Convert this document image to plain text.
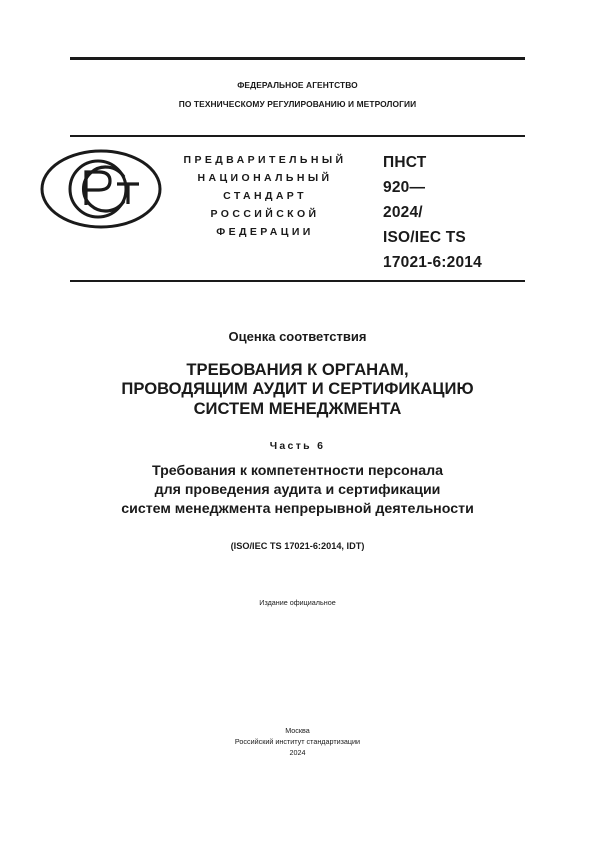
ФЕДЕРАЛЬНОЕ АГЕНТСТВО
ПО ТЕХНИЧЕСКОМУ РЕГУЛИРОВАНИЮ И МЕТРОЛОГИИ
ПРЕДВАРИТЕЛЬНЫЙ
НАЦИОНАЛЬНЫЙ
СТАНДАРТ
РОССИЙСКОЙ
ФЕДЕРАЦИИ
ПНСТ
920—
2024/
ISO/IEC TS
17021-6:2014
Оценка соответствия
ТРЕБОВАНИЯ К ОРГАНАМ,
ПРОВОДЯЩИМ АУДИТ И СЕРТИФИКАЦИЮ
СИСТЕМ МЕНЕДЖМЕНТА
Часть 6
Требования к компетентности персонала
для проведения аудита и сертификации
систем менеджмента непрерывной деятельности
(ISO/IEC TS 17021-6:2014, IDT)
Издание официальное
Москва
Российский институт стандартизации
2024
